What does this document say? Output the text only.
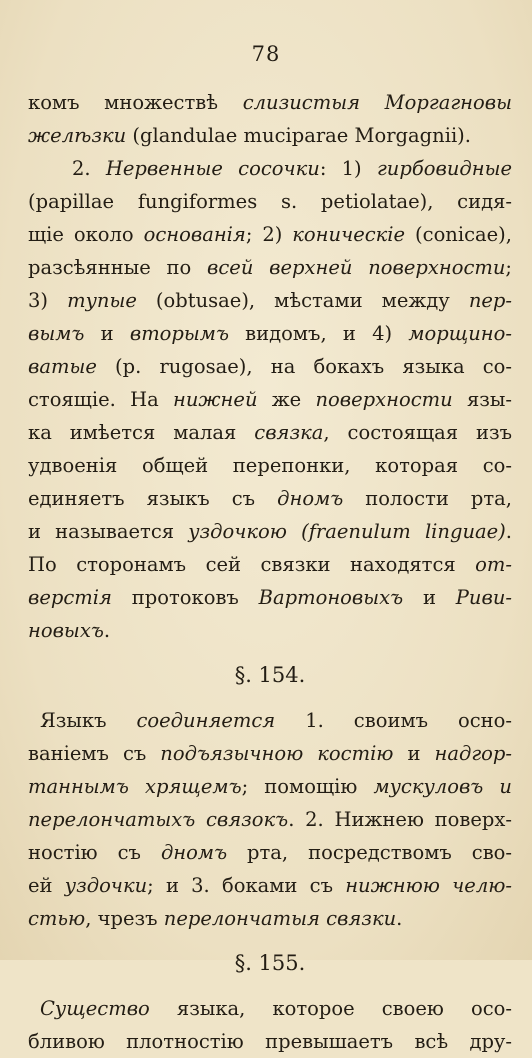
78
комъ множествѣ слизистыя Моргагновы
желѣзки (glandulae muciparae Morgagnii).
2. Нервенные сосочки: 1) гирбовидные
(papillae fungiformes s. petiolatae), сидя-
щіе около основанія; 2) коническіе (conicae),
разсѣянные по всей верхней поверхности;
3) тупые (obtusae), мѣстами между пер-
вымъ и вторымъ видомъ, и 4) морщино-
ватые (p. rugosae), на бокахъ языка со-
стоящіе. На нижней же поверхности язы-
ка имѣется малая связка, состоящая изъ
удвоенія общей перепонки, которая со-
единяетъ языкъ съ дномъ полости рта,
и называется уздочкою (fraenulum linguae).
По сторонамъ сей связки находятся от-
верстія протоковъ Вартоновыхъ и Риви-
новыхъ.
§. 154.
Языкъ соединяется 1. своимъ осно-
ваніемъ съ подъязычною костію и надгор-
таннымъ хрящемъ; помощію мускуловъ и
перелончатыхъ связокъ. 2. Нижнею поверх-
ностію съ дномъ рта, посредствомъ сво-
ей уздочки; и 3. боками съ нижнюю челю-
стью, чрезъ перелончатыя связки.
§. 155.
Существо языка, которое своею осо-
бливою плотностію превышаетъ всѣ дру-
